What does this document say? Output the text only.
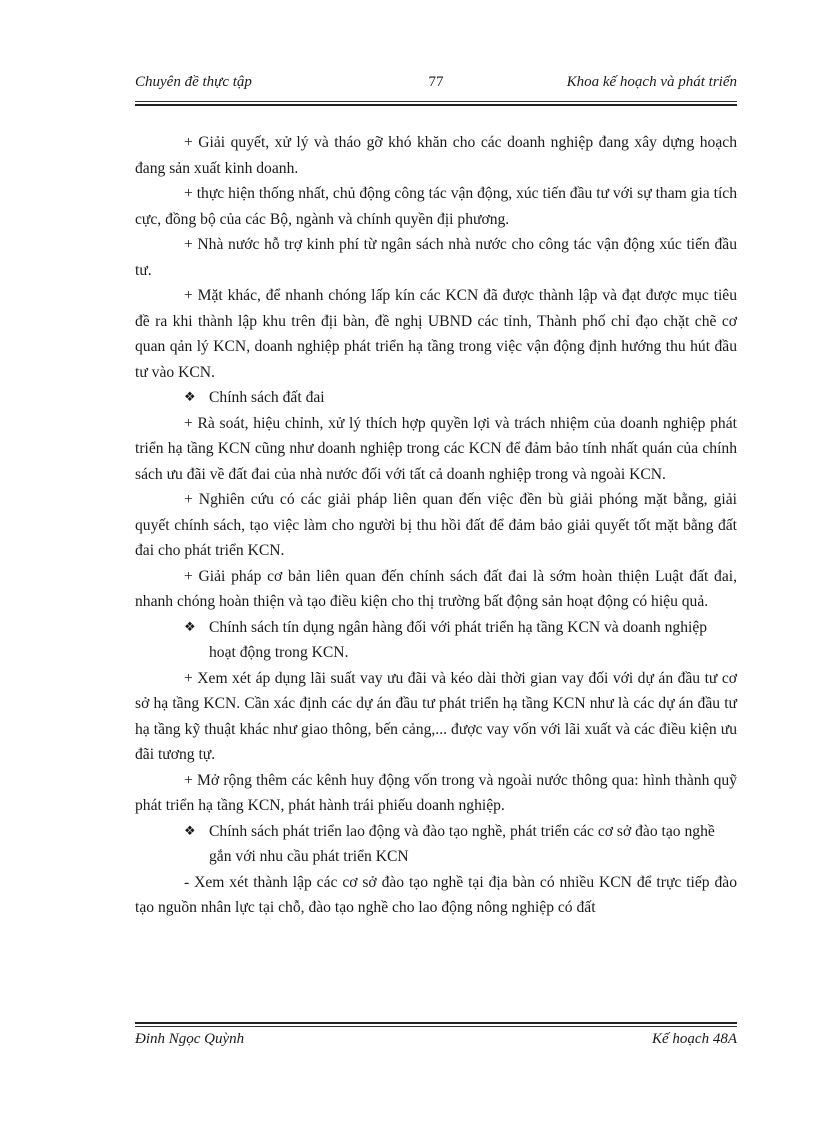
Chuyên đề thực tập	77	Khoa kế hoạch và phát triển

+ Giải quyết, xử lý và tháo gỡ khó khăn cho các doanh nghiệp đang xây dựng hoạch đang sản xuất kinh doanh.

+ thực hiện thống nhất, chủ động công tác vận động, xúc tiến đầu tư với sự tham gia tích cực, đồng bộ của các Bộ, ngành và chính quyền địi phương.

+ Nhà nước hỗ trợ kinh phí từ ngân sách nhà nước cho công tác vận động xúc tiến đầu tư.

+ Mặt khác, để nhanh chóng lấp kín các KCN đã được thành lập và đạt được mục tiêu đề ra khi thành lập khu trên địi bàn, đề nghị UBND các tỉnh, Thành phố chỉ đạo chặt chẽ cơ quan qản lý KCN, doanh nghiệp phát triển hạ tầng trong việc vận động định hướng thu hút đầu tư vào KCN.

❖ Chính sách đất đai

+ Rà soát, hiệu chỉnh, xử lý thích hợp quyền lợi và trách nhiệm của doanh nghiệp phát triển hạ tầng KCN cũng như doanh nghiệp trong các KCN để đảm bảo tính nhất quán của chính sách ưu đãi về đất đai của nhà nước đối với tất cả doanh nghiệp trong và ngoài KCN.

+ Nghiên cứu có các giải pháp liên quan đến việc đền bù giải phóng mặt bằng, giải quyết chính sách, tạo việc làm cho người bị thu hồi đất để đảm bảo giải quyết tốt mặt bằng đất đai cho phát triển KCN.

+ Giải pháp cơ bản liên quan đến chính sách đất đai là sớm hoàn thiện Luật đất đai, nhanh chóng hoàn thiện và tạo điều kiện cho thị trường bất động sản hoạt động có hiệu quả.

❖ Chính sách tín dụng ngân hàng đối với phát triển hạ tầng KCN và doanh nghiệp hoạt động trong KCN.

+ Xem xét áp dụng lãi suất vay ưu đãi và kéo dài thời gian vay đối với dự án đầu tư cơ sở hạ tầng KCN. Cần xác định các dự án đầu tư phát triển hạ tầng KCN như là các dự án đầu tư hạ tầng kỹ thuật khác như giao thông, bến cảng,... được vay vốn với lãi xuất và các điều kiện ưu đãi tương tự.

+ Mở rộng thêm các kênh huy động vốn trong và ngoài nước thông qua: hình thành quỹ phát triển hạ tầng KCN, phát hành trái phiếu doanh nghiệp.

❖ Chính sách phát triển lao động và đào tạo nghề, phát triển các cơ sở đào tạo nghề gắn với nhu cầu phát triển KCN

- Xem xét thành lập các cơ sở đào tạo nghề tại địa bàn có nhiều KCN để trực tiếp đào tạo nguồn nhân lực tại chỗ, đào tạo nghề cho lao động nông nghiệp có đất

Đinh Ngọc Quỳnh	Kế hoạch 48A
